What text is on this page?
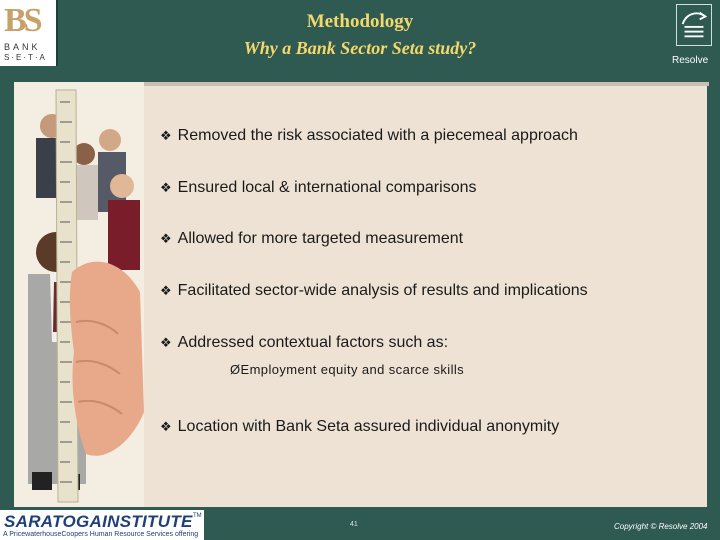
BS
BANK
S·E·T·A
Methodology
Why a Bank Sector Seta study?
Resolve
❖ Removed the risk associated with a piecemeal approach
❖ Ensured local & international comparisons
❖ Allowed for more targeted measurement
❖ Facilitated sector-wide analysis of results and implications
❖ Addressed contextual factors such as:
ØEmployment equity and scarce skills
❖ Location with Bank Seta assured individual anonymity
SARATOGAINSTITUTE TM
A PricewaterhouseCoopers Human Resource Services offering
41	Copyright © Resolve 2004
